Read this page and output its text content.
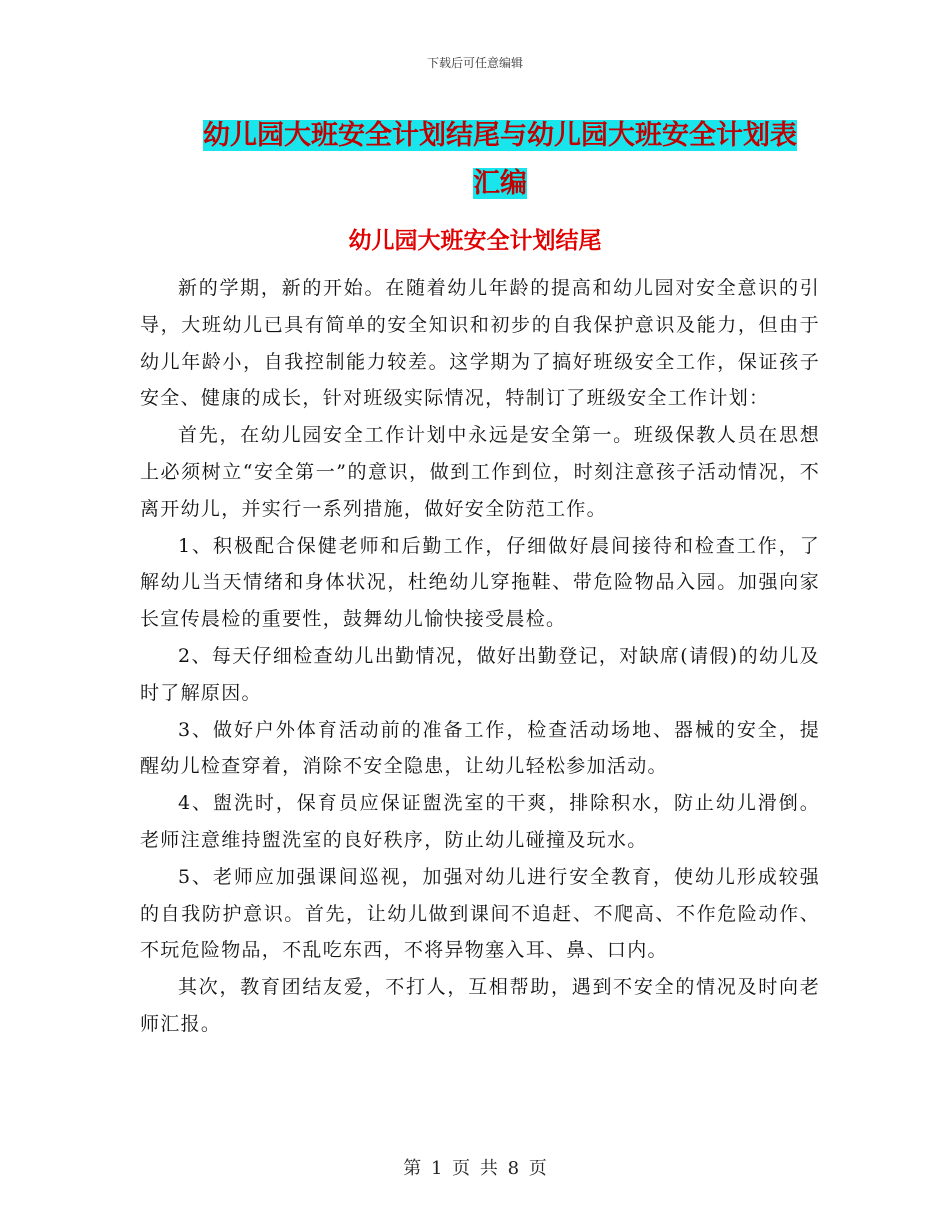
下载后可任意编辑
幼儿园大班安全计划结尾与幼儿园大班安全计划表汇编
幼儿园大班安全计划结尾

新的学期，新的开始。在随着幼儿年龄的提高和幼儿园对安全意识的引导，大班幼儿已具有简单的安全知识和初步的自我保护意识及能力，但由于幼儿年龄小，自我控制能力较差。这学期为了搞好班级安全工作，保证孩子安全、健康的成长，针对班级实际情况，特制订了班级安全工作计划：

首先，在幼儿园安全工作计划中永远是安全第一。班级保教人员在思想上必须树立“安全第一”的意识，做到工作到位，时刻注意孩子活动情况，不离开幼儿，并实行一系列措施，做好安全防范工作。

1、积极配合保健老师和后勤工作，仔细做好晨间接待和检查工作，了解幼儿当天情绪和身体状况，杜绝幼儿穿拖鞋、带危险物品入园。加强向家长宣传晨检的重要性，鼓舞幼儿愉快接受晨检。

2、每天仔细检查幼儿出勤情况，做好出勤登记，对缺席(请假)的幼儿及时了解原因。

3、做好户外体育活动前的准备工作，检查活动场地、器械的安全，提醒幼儿检查穿着，消除不安全隐患，让幼儿轻松参加活动。

4、盥洗时，保育员应保证盥洗室的干爽，排除积水，防止幼儿滑倒。老师注意维持盥洗室的良好秩序，防止幼儿碰撞及玩水。

5、老师应加强课间巡视，加强对幼儿进行安全教育，使幼儿形成较强的自我防护意识。首先，让幼儿做到课间不追赶、不爬高、不作危险动作、不玩危险物品，不乱吃东西，不将异物塞入耳、鼻、口内。

其次，教育团结友爱，不打人，互相帮助，遇到不安全的情况及时向老师汇报。

第 1 页 共 8 页
